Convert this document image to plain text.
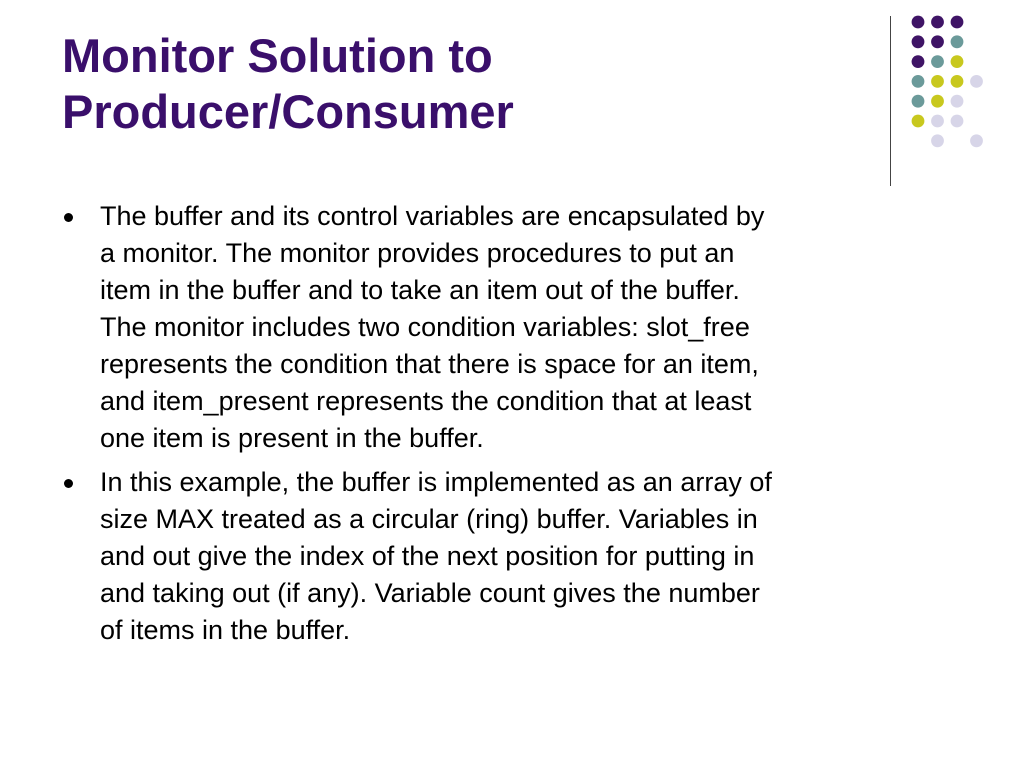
Monitor Solution to
Producer/Consumer
The buffer and its control variables are encapsulated by
a monitor. The monitor provides procedures to put an
item in the buffer and to take an item out of the buffer.
The monitor includes two condition variables: slot_free
represents the condition that there is space for an item,
and item_present represents the condition that at least
one item is present in the buffer.
In this example, the buffer is implemented as an array of
size MAX treated as a circular (ring) buffer. Variables in
and out give the index of the next position for putting in
and taking out (if any). Variable count gives the number
of items in the buffer.
